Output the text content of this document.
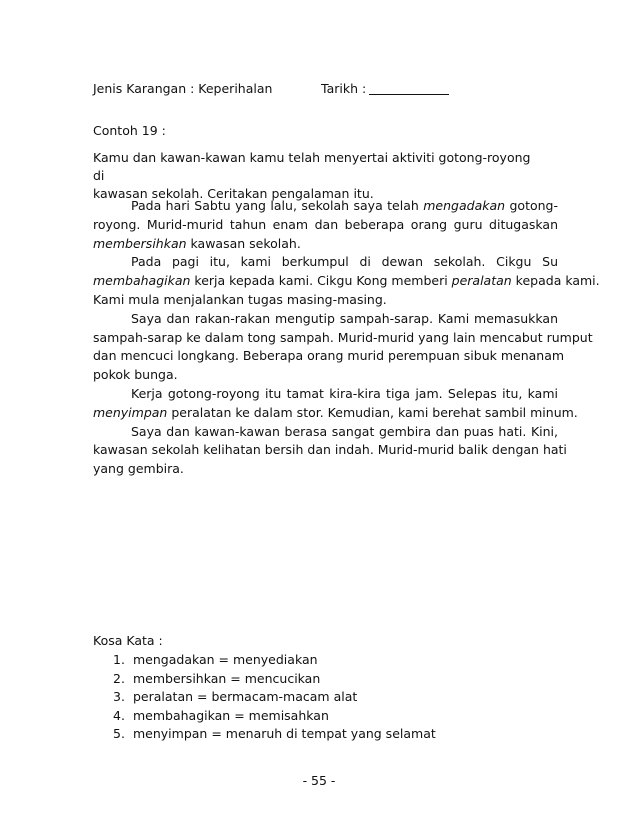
Jenis Karangan : Keperihalan	Tarikh :
Contoh 19 :
Kamu dan kawan-kawan kamu telah menyertai aktiviti gotong-royong di
kawasan sekolah. Ceritakan pengalaman itu.
Pada hari Sabtu yang lalu, sekolah saya telah mengadakan gotong-
royong. Murid-murid tahun enam dan beberapa orang guru ditugaskan
membersihkan kawasan sekolah.
Pada pagi itu, kami berkumpul di dewan sekolah. Cikgu Su
membahagikan kerja kepada kami. Cikgu Kong memberi peralatan kepada kami.
Kami mula menjalankan tugas masing-masing.
Saya dan rakan-rakan mengutip sampah-sarap. Kami memasukkan
sampah-sarap ke dalam tong sampah. Murid-murid yang lain mencabut rumput
dan mencuci longkang. Beberapa orang murid perempuan sibuk menanam
pokok bunga.
Kerja gotong-royong itu tamat kira-kira tiga jam. Selepas itu, kami
menyimpan peralatan ke dalam stor. Kemudian, kami berehat sambil minum.
Saya dan kawan-kawan berasa sangat gembira dan puas hati. Kini,
kawasan sekolah kelihatan bersih dan indah. Murid-murid balik dengan hati
yang gembira.
Kosa Kata :
1. mengadakan = menyediakan
2. membersihkan = mencucikan
3. peralatan = bermacam-macam alat
4. membahagikan = memisahkan
5. menyimpan = menaruh di tempat yang selamat
- 55 -
